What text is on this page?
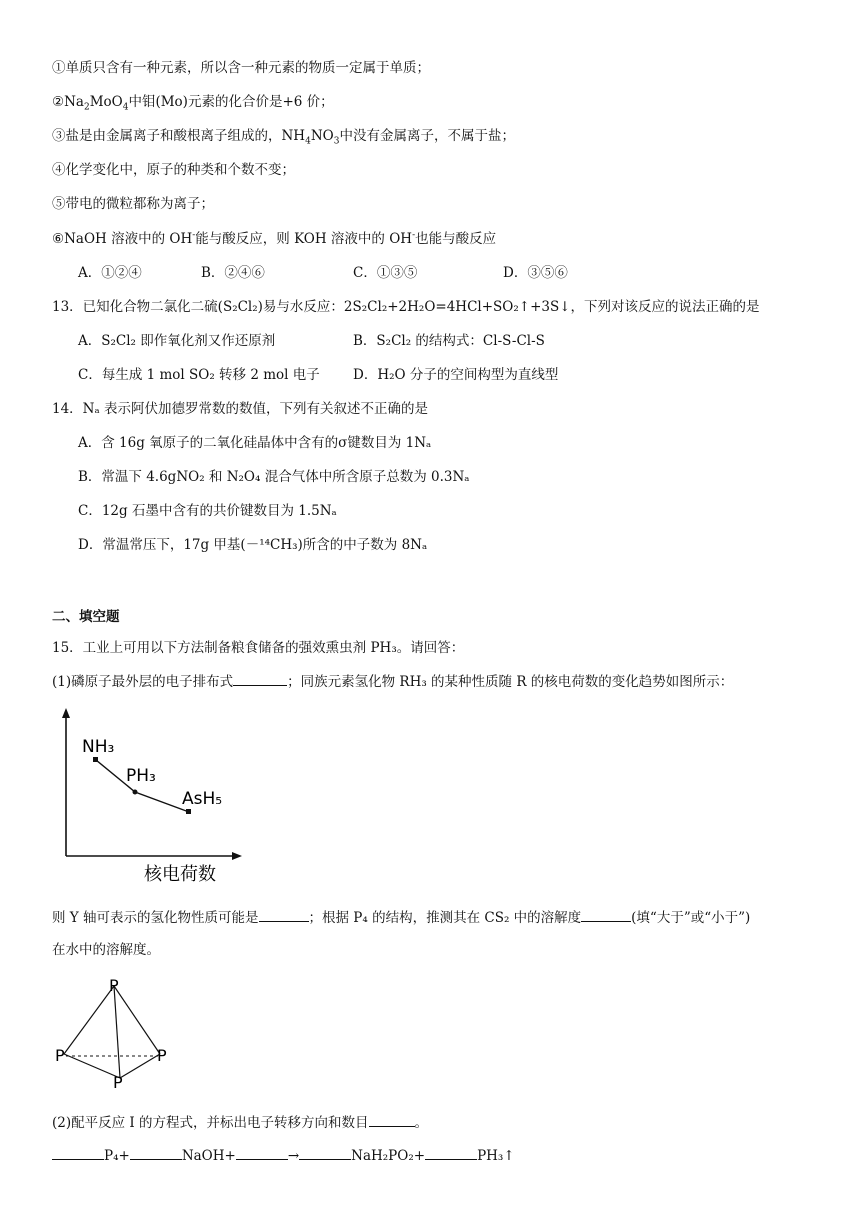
①单质只含有一种元素，所以含一种元素的物质一定属于单质；
$②Na_2MoO_4$中钼(Mo)元素的化合价是+6 价；
③盐是由金属离子和酸根离子组成的，$NH_4NO_3$中没有金属离子，不属于盐；
④化学变化中，原子的种类和个数不变；
⑤带电的微粒都称为离子；
⑥NaOH 溶液中的 OH-能与酸反应，则 KOH 溶液中的 OH-也能与酸反应
A．①②④	B．②④⑥	C．①③⑤	D．③⑤⑥
13．已知化合物二氯化二硫(S₂Cl₂)易与水反应：2S₂Cl₂+2H₂O=4HCl+SO₂↑+3S↓，下列对该反应的说法正确的是
A．S₂Cl₂ 即作氧化剂又作还原剂	B．S₂Cl₂ 的结构式：Cl-S-Cl-S
C．每生成 1 mol SO₂ 转移 2 mol 电子 D．H₂O 分子的空间构型为直线型
14．Nₐ 表示阿伏加德罗常数的数值，下列有关叙述不正确的是
A．含 16g 氧原子的二氧化硅晶体中含有的σ键数目为 1Nₐ
B．常温下 4.6gNO₂ 和 N₂O₄ 混合气体中所含原子总数为 0.3Nₐ
C．12g 石墨中含有的共价键数目为 1.5Nₐ
D．常温常压下，17g 甲基(－¹⁴CH₃)所含的中子数为 8Nₐ
二、填空题
15．工业上可用以下方法制备粮食储备的强效熏虫剂 PH₃。请回答：
(1)磷原子最外层的电子排布式	；同族元素氢化物 RH₃ 的某种性质随 R 的核电荷数的变化趋势如图所示：
NH₃
PH₃
AsH₅
核电荷数
则 Y 轴可表示的氢化物性质可能是	；根据 P₄ 的结构，推测其在 CS₂ 中的溶解度	(填“大于”或“小于”)
在水中的溶解度。
P
P	P
P
(2)配平反应 I 的方程式，并标出电子转移方向和数目	。
P₄+	NaOH+	→	NaH₂PO₂+	PH₃↑
